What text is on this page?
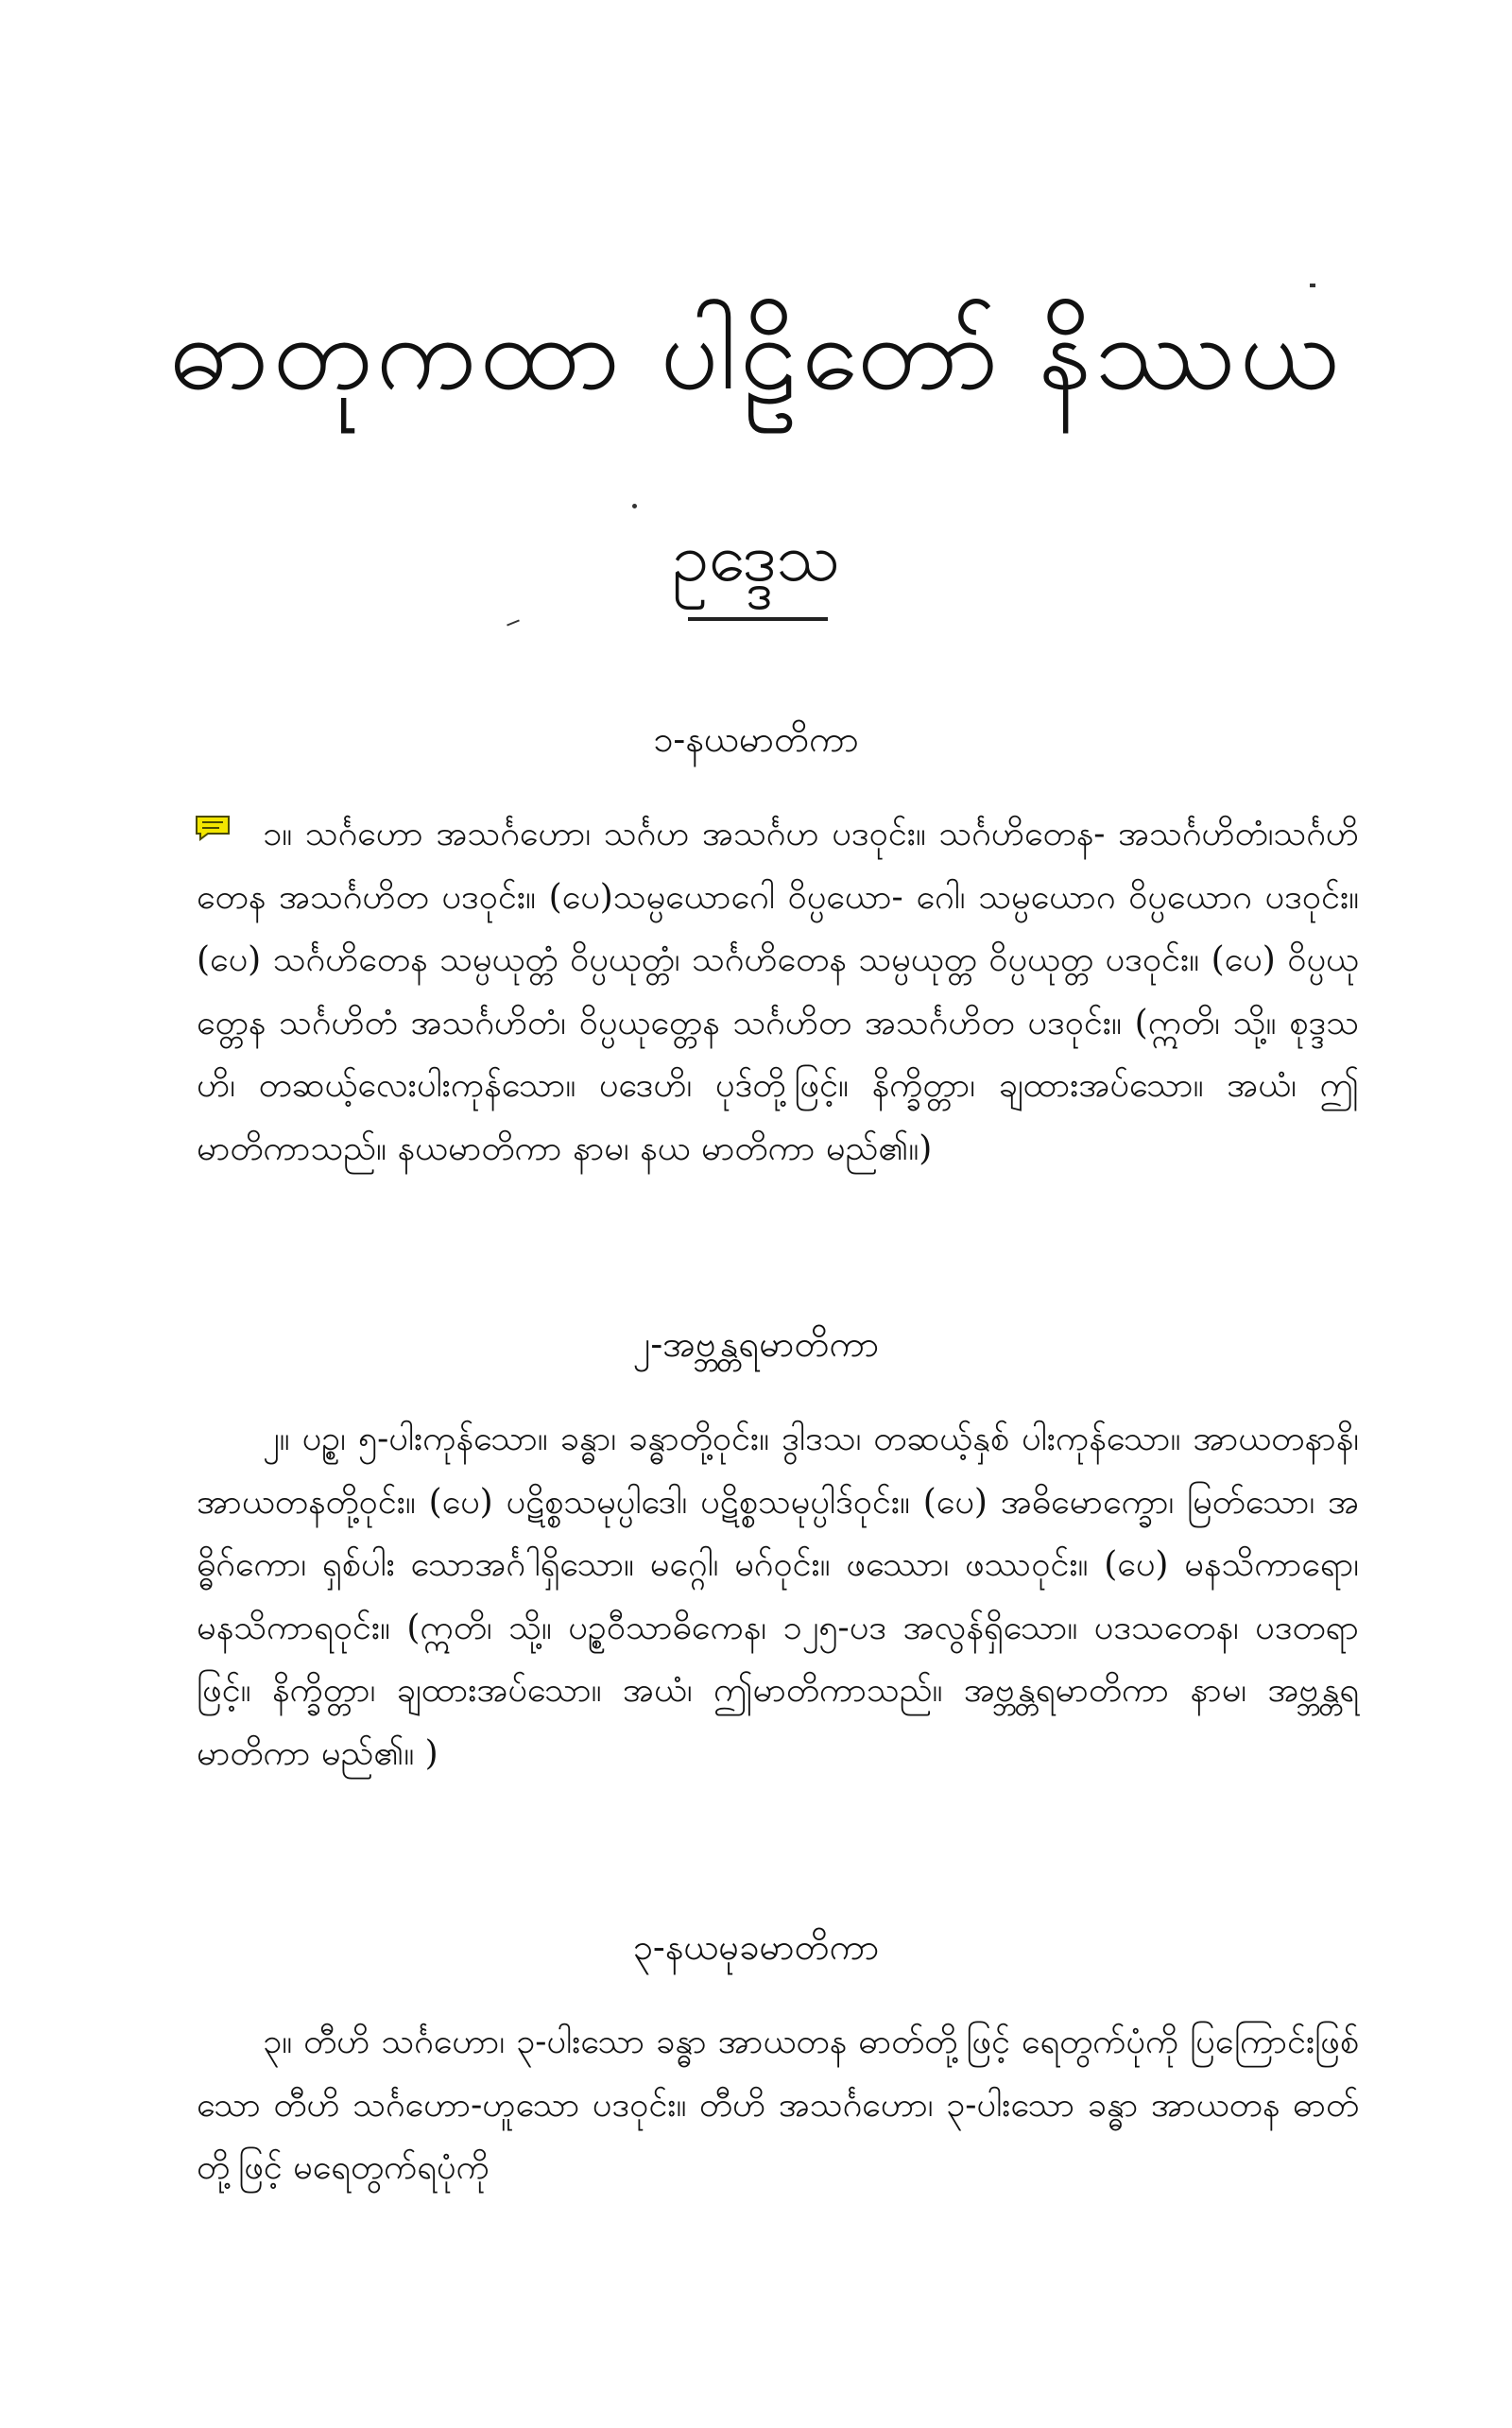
ဓာတုကထာ ပါဠိတော် နိဿယ
ဥဒ္ဒေသ
၁-နယမာတိကာ

၁။ သင်္ဂဟော အသင်္ဂဟော၊ သင်္ဂဟ အသင်္ဂဟ ပဒဝုင်း။ သင်္ဂဟိတေန- အသင်္ဂဟိတံ၊သင်္ဂဟိတေန အသင်္ဂဟိတ ပဒဝုင်း။ (ပေ)သမ္ပယောဂေါ ဝိပ္ပယော- ဂေါ၊ သမ္ပယောဂ ဝိပ္ပယောဂ ပဒဝုင်း။ (ပေ) သင်္ဂဟိတေန သမ္ပယုတ္တံ ဝိပ္ပယုတ္တံ၊ သင်္ဂဟိတေန သမ္ပယုတ္တ ဝိပ္ပယုတ္တ ပဒဝုင်း။ (ပေ) ဝိပ္ပယုတ္တေန သင်္ဂဟိတံ အသင်္ဂဟိတံ၊ ဝိပ္ပယုတ္တေန သင်္ဂဟိတ အသင်္ဂဟိတ ပဒဝုင်း။ (ဣတိ၊ သို့။ စုဒ္ဒသဟိ၊ တဆယ့်လေးပါးကုန်သော။ ပဒေဟိ၊ ပုဒ်တို့ဖြင့်။ နိက္ခိတ္တာ၊ ချထားအပ်သော။ အယံ၊ ဤမာတိကာသည်။ နယမာတိကာ နာမ၊ နယ မာတိကာ မည်၏။)

၂-အဗ္ဘန္တရမာတိကာ

၂။ ပဉ္စ၊ ၅-ပါးကုန်သော။ ခန္ဓာ၊ ခန္ဓာတို့ဝုင်း။ ဒွါဒသ၊ တဆယ့်နှစ် ပါးကုန်သော။ အာယတနာနိ၊ အာယတနတို့ဝုင်း။ (ပေ) ပဋိစ္စသမုပ္ပါဒေါ၊ ပဋိစ္စသမုပ္ပါဒ်ဝုင်း။ (ပေ) အဓိမောက္ခော၊ မြတ်သော၊ အဓ္ဓိဂ်ကော၊ ရှစ်ပါး သောအင်္ဂါရှိသော။ မဂ္ဂေါ၊ မဂ်ဝုင်း။ ဖဿော၊ ဖဿဝုင်း။ (ပေ) မနသိကာရော၊ မနသိကာရဝုင်း။ (ဣတိ၊ သို့။ ပဉ္စဝီသာဓိကေန၊ ၁၂၅-ပဒ အလွန်ရှိသော။ ပဒသတေန၊ ပဒတရာဖြင့်။ နိက္ခိတ္တာ၊ ချထားအပ်သော။ အယံ၊ ဤမာတိကာသည်။ အဗ္ဘန္တရမာတိကာ နာမ၊ အဗ္ဘန္တရ မာတိကာ မည်၏။ )

၃-နယမုခမာတိကာ

၃။ တီဟိ သင်္ဂဟော၊ ၃-ပါးသော ခန္ဓာ အာယတန ဓာတ်တို့ဖြင့် ရေတွက်ပုံကို ပြကြောင်းဖြစ်သော တီဟိ သင်္ဂဟော-ဟူသော ပဒဝုင်း။ တီဟိ အသင်္ဂဟော၊ ၃-ပါးသော ခန္ဓာ အာယတန ဓာတ်တို့ဖြင့် မရေတွက်ရပုံကို
